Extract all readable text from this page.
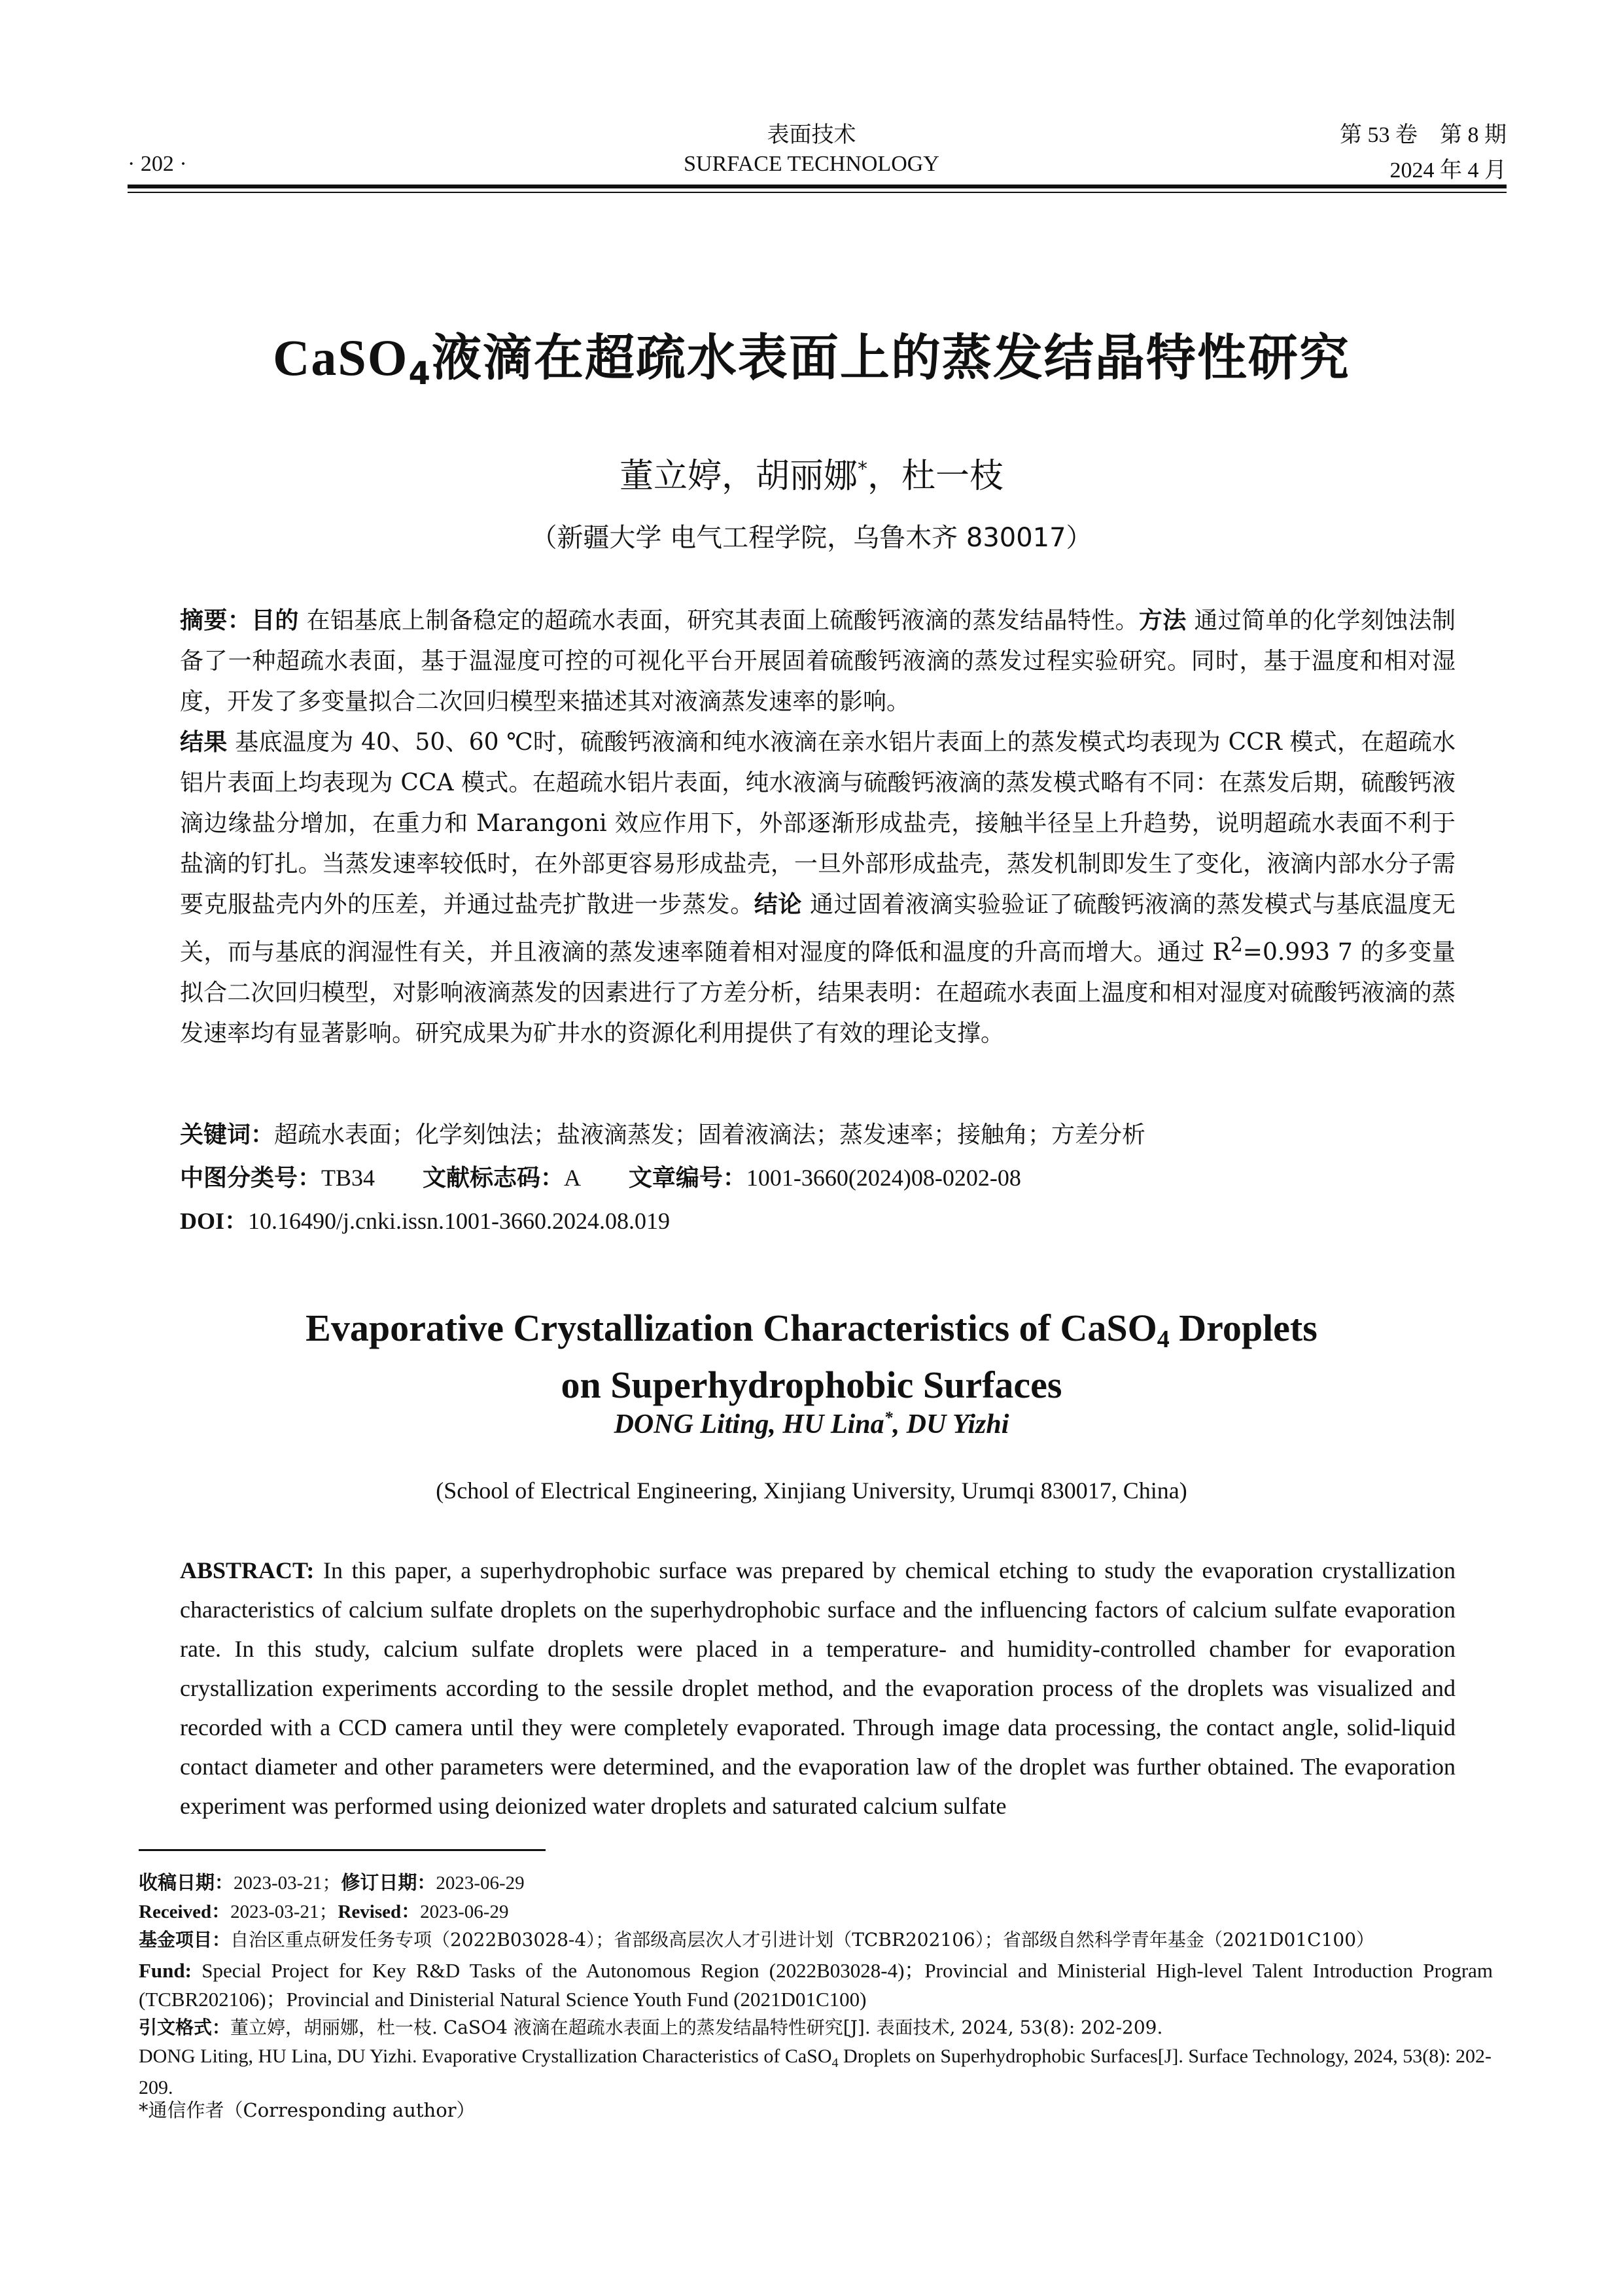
表面技术	第 53 卷　第 8 期
· 202 ·	SURFACE TECHNOLOGY	2024 年 4 月
CaSO$_4$液滴在超疏水表面上的蒸发结晶特性研究
董立婷，胡丽娜*，杜一枝
（新疆大学 电气工程学院，乌鲁木齐 830017）
摘要：目的 在铝基底上制备稳定的超疏水表面，研究其表面上硫酸钙液滴的蒸发结晶特性。方法 通过简单的化学刻蚀法制备了一种超疏水表面，基于温湿度可控的可视化平台开展固着硫酸钙液滴的蒸发过程实验研究。同时，基于温度和相对湿度，开发了多变量拟合二次回归模型来描述其对液滴蒸发速率的影响。
结果 基底温度为 40、50、60 ℃时，硫酸钙液滴和纯水液滴在亲水铝片表面上的蒸发模式均表现为 CCR 模式，在超疏水铝片表面上均表现为 CCA 模式。在超疏水铝片表面，纯水液滴与硫酸钙液滴的蒸发模式略有不同：在蒸发后期，硫酸钙液滴边缘盐分增加，在重力和 Marangoni 效应作用下，外部逐渐形成盐壳，接触半径呈上升趋势，说明超疏水表面不利于盐滴的钉扎。当蒸发速率较低时，在外部更容易形成盐壳，一旦外部形成盐壳，蒸发机制即发生了变化，液滴内部水分子需要克服盐壳内外的压差，并通过盐壳扩散进一步蒸发。结论 通过固着液滴实验验证了硫酸钙液滴的蒸发模式与基底温度无关，而与基底的润湿性有关，并且液滴的蒸发速率随着相对湿度的降低和温度的升高而增大。通过 $R^2=0.993$ 7 的多变量拟合二次回归模型，对影响液滴蒸发的因素进行了方差分析，结果表明：在超疏水表面上温度和相对湿度对硫酸钙液滴的蒸发速率均有显著影响。研究成果为矿井水的资源化利用提供了有效的理论支撑。
关键词：超疏水表面；化学刻蚀法；盐液滴蒸发；固着液滴法；蒸发速率；接触角；方差分析
中图分类号：TB34 文献标志码：A 文章编号：1001-3660(2024)08-0202-08
DOI：10.16490/j.cnki.issn.1001-3660.2024.08.019
Evaporative Crystallization Characteristics of CaSO$_4$ Droplets
on Superhydrophobic Surfaces
DONG Liting, HU Lina*, DU Yizhi
(School of Electrical Engineering, Xinjiang University, Urumqi 830017, China)
ABSTRACT: In this paper, a superhydrophobic surface was prepared by chemical etching to study the evaporation crystallization characteristics of calcium sulfate droplets on the superhydrophobic surface and the influencing factors of calcium sulfate evaporation rate. In this study, calcium sulfate droplets were placed in a temperature- and humidity-controlled chamber for evaporation crystallization experiments according to the sessile droplet method, and the evaporation process of the droplets was visualized and recorded with a CCD camera until they were completely evaporated. Through image data processing, the contact angle, solid-liquid contact diameter and other parameters were determined, and the evaporation law of the droplet was further obtained. The evaporation experiment was performed using deionized water droplets and saturated calcium sulfate
收稿日期：2023-03-21；修订日期：2023-06-29
Received：2023-03-21；Revised：2023-06-29
基金项目：自治区重点研发任务专项（2022B03028-4）；省部级高层次人才引进计划（TCBR202106）；省部级自然科学青年基金（2021D01C100）
Fund: Special Project for Key R&D Tasks of the Autonomous Region (2022B03028-4)；Provincial and Ministerial High-level Talent Introduction Program (TCBR202106)；Provincial and Dinisterial Natural Science Youth Fund (2021D01C100)
引文格式：董立婷，胡丽娜，杜一枝. CaSO4 液滴在超疏水表面上的蒸发结晶特性研究[J]. 表面技术, 2024, 53(8): 202-209.
DONG Liting, HU Lina, DU Yizhi. Evaporative Crystallization Characteristics of CaSO$_4$ Droplets on Superhydrophobic Surfaces[J]. Surface Technology, 2024, 53(8): 202-209.
*通信作者（Corresponding author）
